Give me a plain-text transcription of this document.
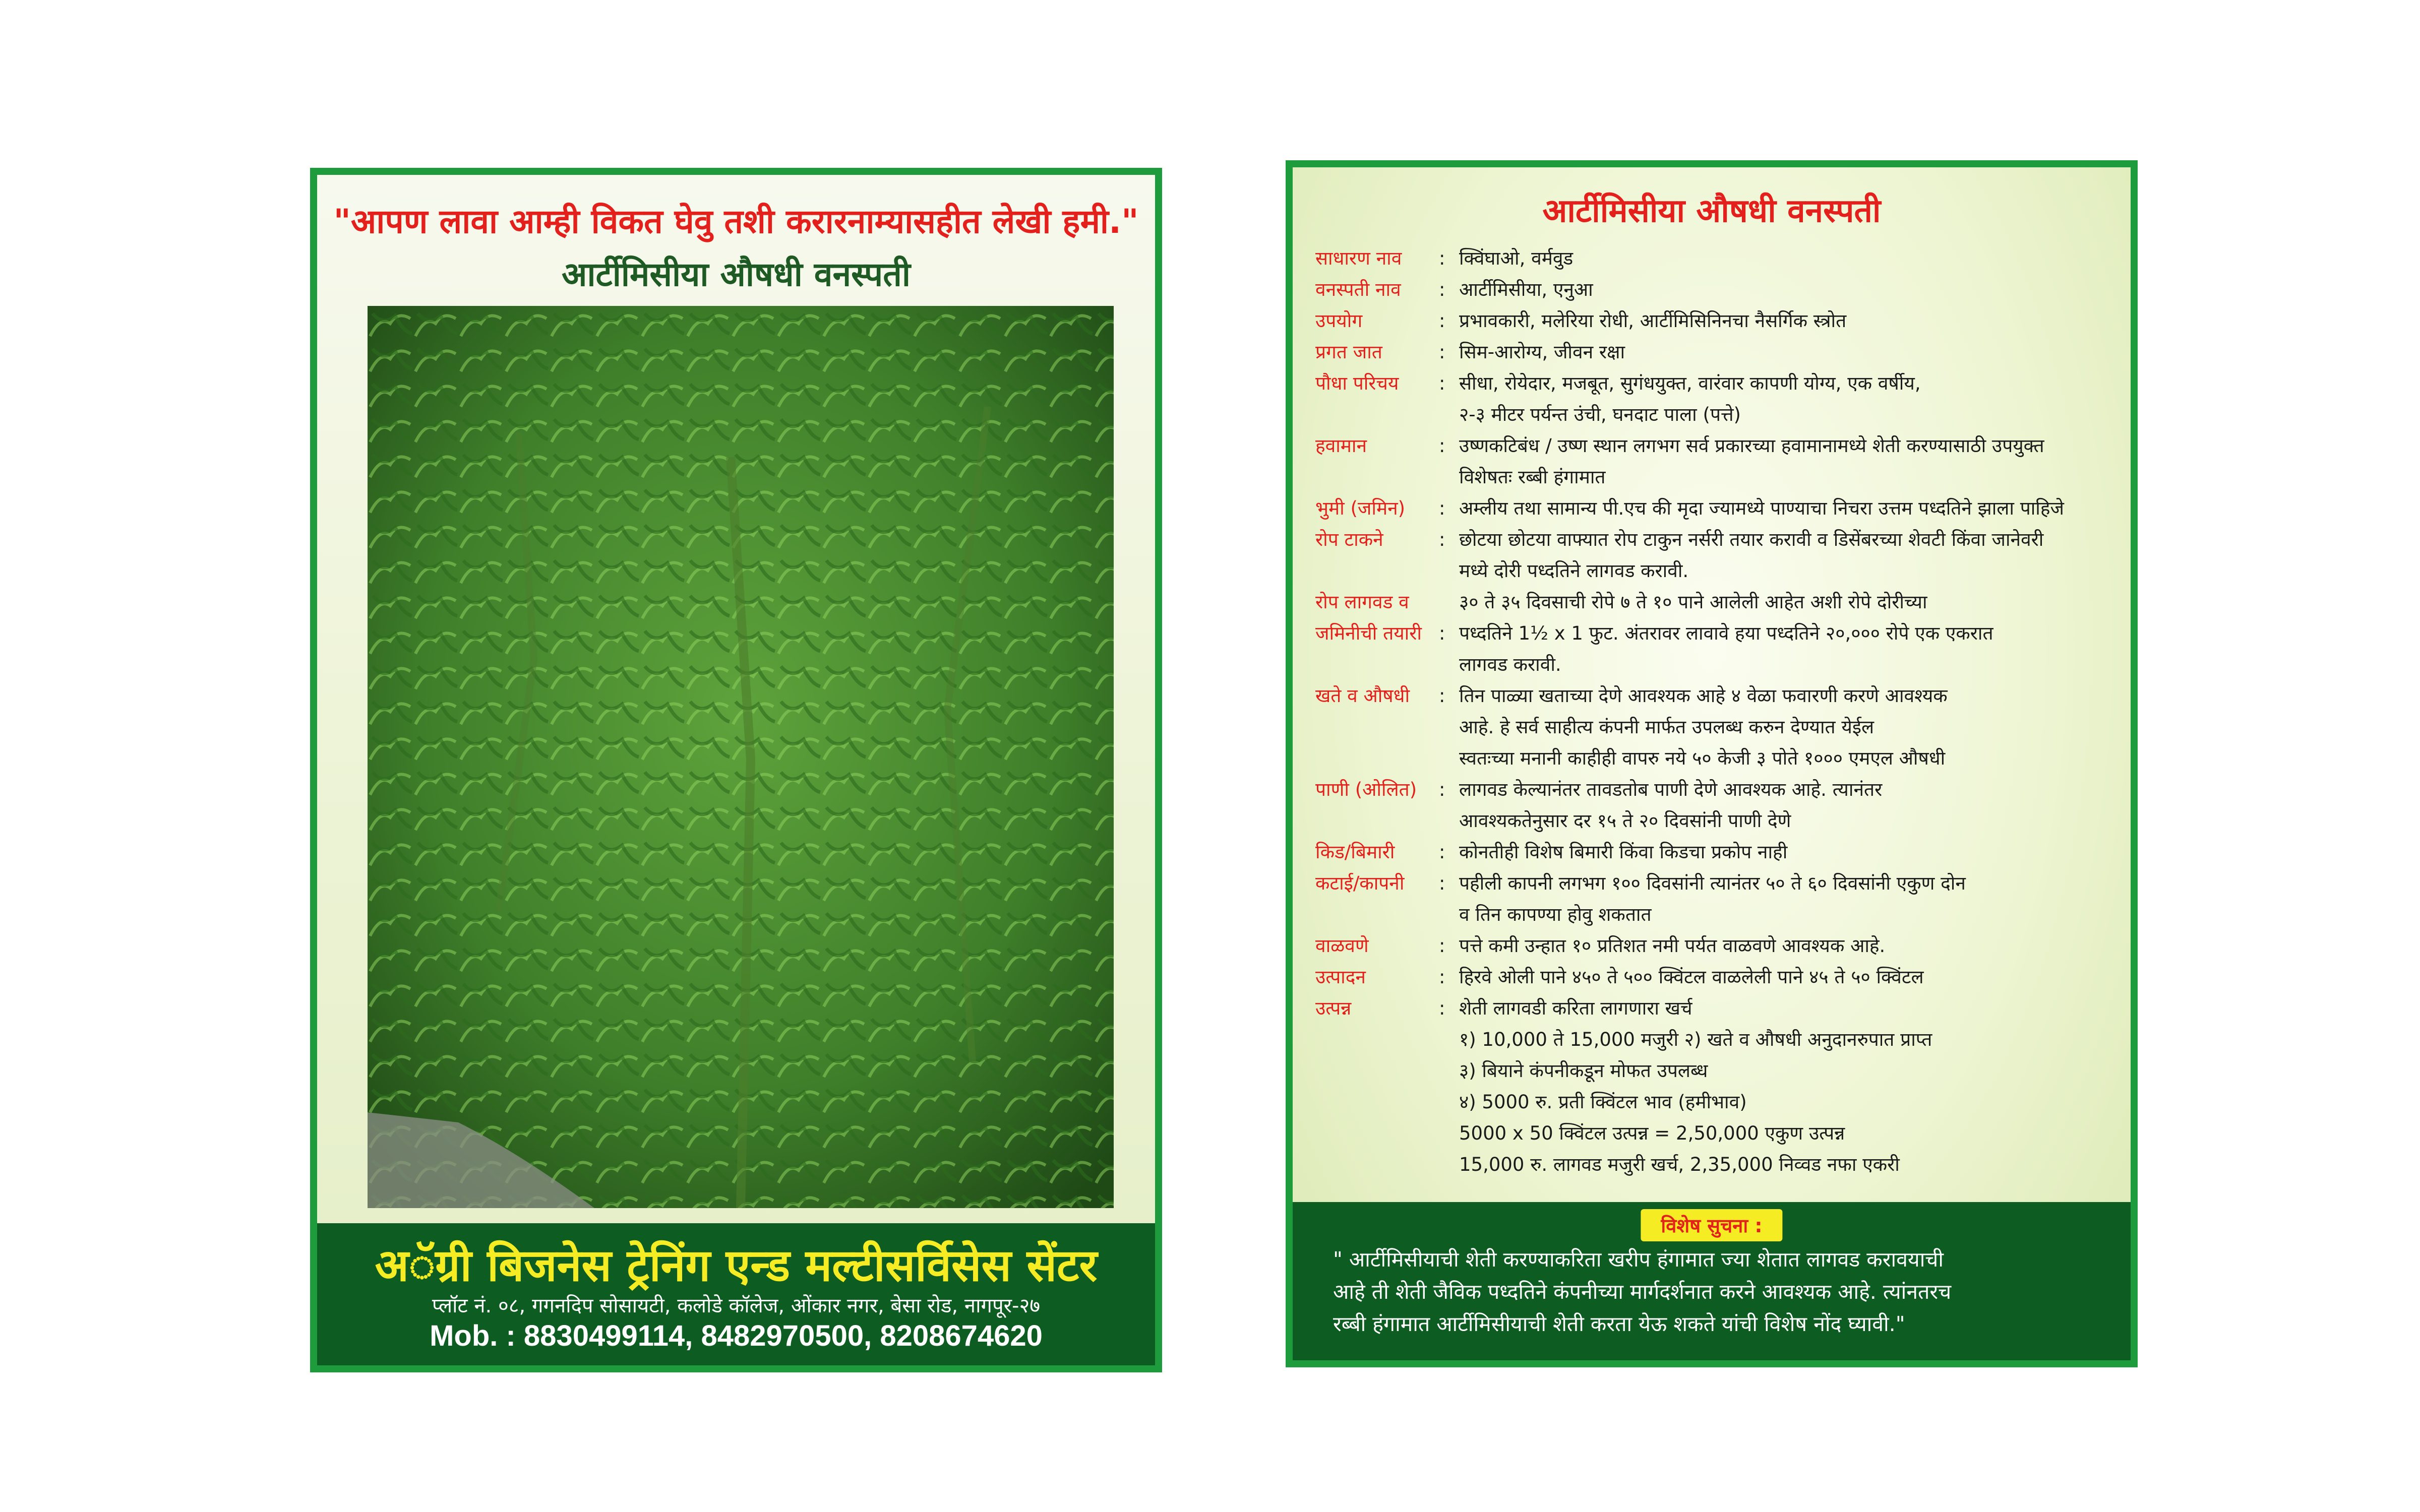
"आपण लावा आम्ही विकत घेवु तशी करारनाम्यासहीत लेखी हमी."
आर्टीमिसीया औषधी वनस्पती
अॅग्री बिजनेस ट्रेनिंग एन्ड मल्टीसर्विसेस सेंटर
प्लॉट नं. ०८, गगनदिप सोसायटी, कलोडे कॉलेज, ओंकार नगर, बेसा रोड, नागपूर-२७
Mob. : 8830499114, 8482970500, 8208674620
आर्टीमिसीया औषधी वनस्पती
साधारण नाव	: क्विंघाओ, वर्मवुड
वनस्पती नाव	: आर्टीमिसीया, एनुआ
उपयोग	: प्रभावकारी, मलेरिया रोधी, आर्टीमिसिनिनचा नैसर्गिक स्त्रोत
प्रगत जात	: सिम-आरोग्य, जीवन रक्षा
पौधा परिचय	: सीधा, रोयेदार, मजबूत, सुगंधयुक्त, वारंवार कापणी योग्य, एक वर्षीय,
२-३ मीटर पर्यन्त उंची, घनदाट पाला (पत्ते)
हवामान	: उष्णकटिबंध / उष्ण स्थान लगभग सर्व प्रकारच्या हवामानामध्ये शेती करण्यासाठी उपयुक्त
विशेषतः रब्बी हंगामात
भुमी (जमिन)	: अम्लीय तथा सामान्य पी.एच की मृदा ज्यामध्ये पाण्याचा निचरा उत्तम पध्दतिने झाला पाहिजे
रोप टाकने	: छोटया छोटया वाफ्यात रोप टाकुन नर्सरी तयार करावी व डिसेंबरच्या शेवटी किंवा जानेवरी
मध्ये दोरी पध्दतिने लागवड करावी.
रोप लागवड व	३० ते ३५ दिवसाची रोपे ७ ते १० पाने आलेली आहेत अशी रोपे दोरीच्या
जमिनीची तयारी : पध्दतिने 1½ x 1 फुट. अंतरावर लावावे हया पध्दतिने २०,००० रोपे एक एकरात
लागवड करावी.
खते व औषधी	: तिन पाळ्या खताच्या देणे आवश्यक आहे ४ वेळा फवारणी करणे आवश्यक
आहे. हे सर्व साहीत्य कंपनी मार्फत उपलब्ध करुन देण्यात येईल
स्वतःच्या मनानी काहीही वापरु नये ५० केजी ३ पोते १००० एमएल औषधी
पाणी (ओलित)	: लागवड केल्यानंतर तावडतोब पाणी देणे आवश्यक आहे. त्यानंतर
आवश्यकतेनुसार दर १५ ते २० दिवसांनी पाणी देणे
किड/बिमारी	: कोनतीही विशेष बिमारी किंवा किडचा प्रकोप नाही
कटाई/कापनी	: पहीली कापनी लगभग १०० दिवसांनी त्यानंतर ५० ते ६० दिवसांनी एकुण दोन
व तिन कापण्या होवु शकतात
वाळवणे	: पत्ते कमी उन्हात १० प्रतिशत नमी पर्यत वाळवणे आवश्यक आहे.
उत्पादन	: हिरवे ओली पाने ४५० ते ५०० क्विंटल वाळलेली पाने ४५ ते ५० क्विंटल
उत्पन्न	: शेती लागवडी करिता लागणारा खर्च
१) 10,000 ते 15,000 मजुरी २) खते व औषधी अनुदानरुपात प्राप्त
३) बियाने कंपनीकडून मोफत उपलब्ध
४) 5000 रु. प्रती क्विंटल भाव (हमीभाव)
5000 x 50 क्विंटल उत्पन्न = 2,50,000 एकुण उत्पन्न
15,000 रु. लागवड मजुरी खर्च, 2,35,000 निव्वड नफा एकरी
विशेष सुचना :
" आर्टीमिसीयाची शेती करण्याकरिता खरीप हंगामात ज्या शेतात लागवड करावयाची
आहे ती शेती जैविक पध्दतिने कंपनीच्या मार्गदर्शनात करने आवश्यक आहे. त्यांनतरच
रब्बी हंगामात आर्टीमिसीयाची शेती करता येऊ शकते यांची विशेष नोंद घ्यावी."
